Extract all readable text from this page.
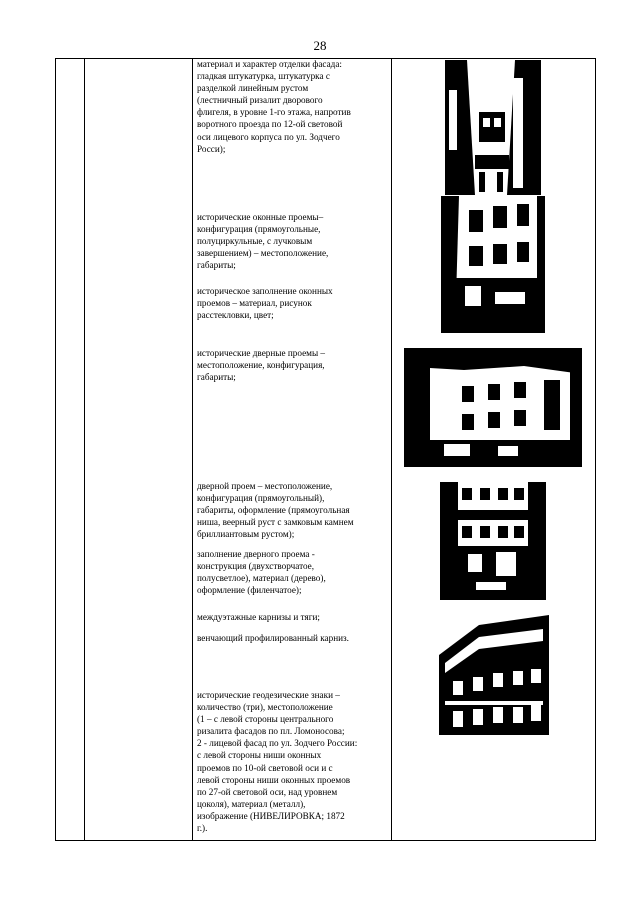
28
материал и характер отделки фасада:
гладкая штукатурка, штукатурка с
разделкой линейным рустом
(лестничный ризалит дворового
флигеля, в уровне 1-го этажа, напротив
воротного проезда по 12-ой световой
оси лицевого корпуса по ул. Зодчего
Росси);
исторические оконные проемы–
конфигурация (прямоугольные,
полуциркульные, с лучковым
завершением) – местоположение,
габариты;
историческое заполнение оконных
проемов – материал, рисунок
расстекловки, цвет;
исторические дверные проемы –
местоположение, конфигурация,
габариты;
дверной проем – местоположение,
конфигурация (прямоугольный),
габариты, оформление (прямоугольная
ниша, веерный руст с замковым камнем
бриллиантовым рустом);
заполнение дверного проема -
конструкция (двухстворчатое,
полусветлое), материал (дерево),
оформление (филенчатое);
междуэтажные карнизы и тяги;
венчающий профилированный карниз.
исторические геодезические знаки –
количество (три), местоположение
(1 – с левой стороны центрального
ризалита фасадов по пл. Ломоносова;
2 - лицевой фасад по ул. Зодчего России:
с левой стороны ниши оконных
проемов по 10-ой световой оси и с
левой стороны ниши оконных проемов
по 27-ой световой оси, над уровнем
цоколя), материал (металл),
изображение (НИВЕЛИРОВКА; 1872
г.).
